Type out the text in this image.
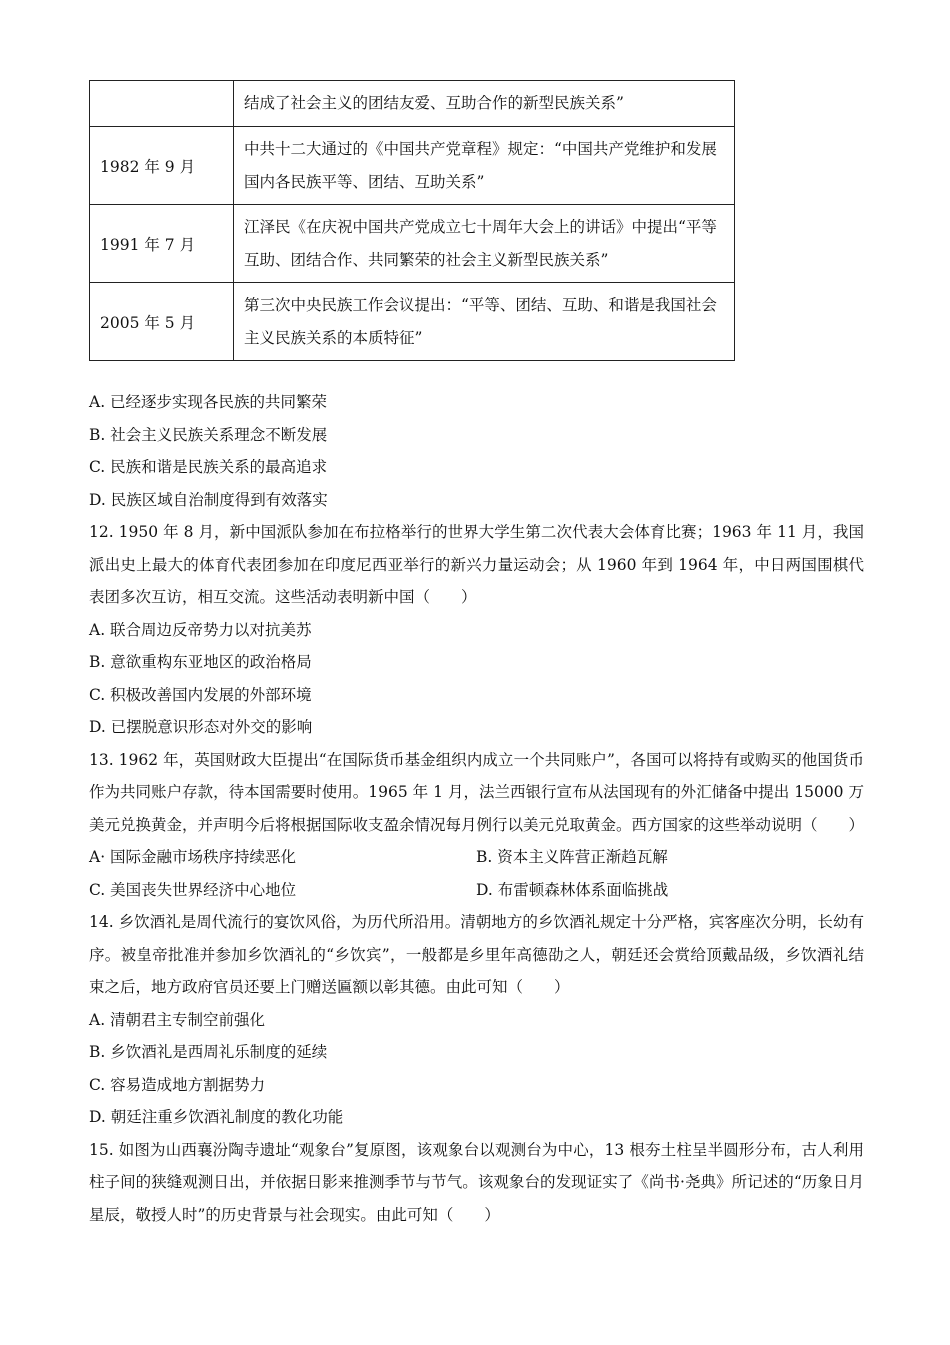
	结成了社会主义的团结友爱、互助合作的新型民族关系”
1982 年 9 月	中共十二大通过的《中国共产党章程》规定：“中国共产党维护和发展国内各民族平等、团结、互助关系”
1991 年 7 月	江泽民《在庆祝中国共产党成立七十周年大会上的讲话》中提出“平等互助、团结合作、共同繁荣的社会主义新型民族关系”
2005 年 5 月	第三次中央民族工作会议提出：“平等、团结、互助、和谐是我国社会主义民族关系的本质特征”
A. 已经逐步实现各民族的共同繁荣
B. 社会主义民族关系理念不断发展
C. 民族和谐是民族关系的最高追求
D. 民族区域自治制度得到有效落实
12. 1950 年 8 月，新中国派队参加在布拉格举行的世界大学生第二次代表大会体育比赛；1963 年 11 月，我国派出史上最大的体育代表团参加在印度尼西亚举行的新兴力量运动会；从 1960 年到 1964 年，中日两国围棋代表团多次互访，相互交流。这些活动表明新中国（　　）
A. 联合周边反帝势力以对抗美苏
B. 意欲重构东亚地区的政治格局
C. 积极改善国内发展的外部环境
D. 已摆脱意识形态对外交的影响
13. 1962 年，英国财政大臣提出“在国际货币基金组织内成立一个共同账户”，各国可以将持有或购买的他国货币作为共同账户存款，待本国需要时使用。1965 年 1 月，法兰西银行宣布从法国现有的外汇储备中提出 15000 万美元兑换黄金，并声明今后将根据国际收支盈余情况每月例行以美元兑取黄金。西方国家的这些举动说明（　　）
A· 国际金融市场秩序持续恶化	B. 资本主义阵营正渐趋瓦解
C. 美国丧失世界经济中心地位	D. 布雷顿森林体系面临挑战
14. 乡饮酒礼是周代流行的宴饮风俗，为历代所沿用。清朝地方的乡饮酒礼规定十分严格，宾客座次分明，长幼有序。被皇帝批准并参加乡饮酒礼的“乡饮宾”，一般都是乡里年高德劭之人，朝廷还会赏给顶戴品级，乡饮酒礼结束之后，地方政府官员还要上门赠送匾额以彰其德。由此可知（　　）
A. 清朝君主专制空前强化
B. 乡饮酒礼是西周礼乐制度的延续
C. 容易造成地方割据势力
D. 朝廷注重乡饮酒礼制度的教化功能
15. 如图为山西襄汾陶寺遗址“观象台”复原图，该观象台以观测台为中心，13 根夯土柱呈半圆形分布，古人利用柱子间的狭缝观测日出，并依据日影来推测季节与节气。该观象台的发现证实了《尚书·尧典》所记述的“历象日月星辰，敬授人时”的历史背景与社会现实。由此可知（　　）
